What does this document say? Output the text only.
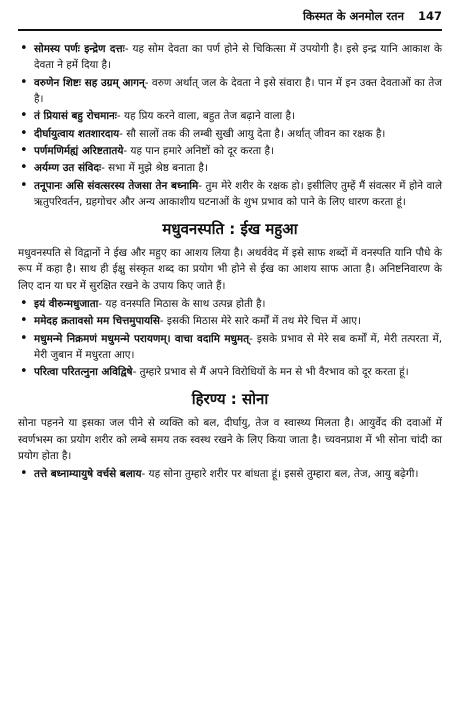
किस्मत के अनमोल रतन 147
• सोमस्य पर्णः इन्द्रेण दत्तः- यह सोम देवता का पर्ण होने से चिकित्सा में उपयोगी है। इसे इन्द्र यानि आकाश के देवता ने हमें दिया है।
• वरुणेन शिष्टः सह उग्रम् आगन्- वरुण अर्थात् जल के देवता ने इसे संवारा है। पान में इन उक्त देवताओं का तेज है।
• तं प्रियासं बहु रोचमानः- यह प्रिय करने वाला, बहुत तेज बढ़ाने वाला है।
• दीर्घायुत्वाय शतशारदाय- सौ सालों तक की लम्बी सुखी आयु देता है। अर्थात् जीवन का रक्षक है।
• पर्णमणिर्मह्यं अरिष्टतातये- यह पान हमारे अनिष्टों को दूर करता है।
• अर्यम्ण उत संविदः- सभा में मुझे श्रेष्ठ बनाता है।
• तनूपानः असि संवत्सरस्य तेजसा तेन बध्नामि- तुम मेरे शरीर के रक्षक हो। इसीलिए तुम्हें मैं संवत्सर में होने वाले ऋतुपरिवर्तन, ग्रहगोचर और अन्य आकाशीय घटनाओं के शुभ प्रभाव को पाने के लिए धारण करता हूं।
मधुवनस्पति : ईख महुआ

मधुवनस्पति से विद्वानों ने ईख और महुए का आशय लिया है। अथर्ववेद में इसे साफ शब्दों में वनस्पति यानि पौधे के रूप में कहा है। साथ ही ईक्षु संस्कृत शब्द का प्रयोग भी होने से ईख का आशय साफ आता है। अनिष्टनिवारण के लिए दान या घर में सुरक्षित रखने के उपाय किए जाते हैं।

• इयं वीरुन्मधुजाता- यह वनस्पति मिठास के साथ उत्पन्न होती है।
• ममेदह क्रतावसो मम चित्तमुपायसि- इसकी मिठास मेरे सारे कर्मों में तथ मेरे चित्त में आए।
• मधुमन्मे निक्रमणं मधुमन्मे परायणम्। वाचा वदामि मधुमत्- इसके प्रभाव से मेरे सब कर्मों में, मेरी तत्परता में, मेरी जुबान में मधुरता आए।
• परित्वा परितत्नुना अविद्विषे- तुम्हारे प्रभाव से मैं अपने विरोधियों के मन से भी वैरभाव को दूर करता हूं।
हिरण्य : सोना

सोना पहनने या इसका जल पीने से व्यक्ति को बल, दीर्घायु, तेज व स्वास्थ्य मिलता है। आयुर्वेद की दवाओं में स्वर्णभस्म का प्रयोग शरीर को लम्बे समय तक स्वस्थ रखने के लिए किया जाता है। च्यवनप्राश में भी सोना चांदी का प्रयोग होता है।

• तत्ते बध्नाम्यायुषे वर्चसे बलाय- यह सोना तुम्हारे शरीर पर बांधता हूं। इससे तुम्हारा बल, तेज, आयु बढ़ेगी।
